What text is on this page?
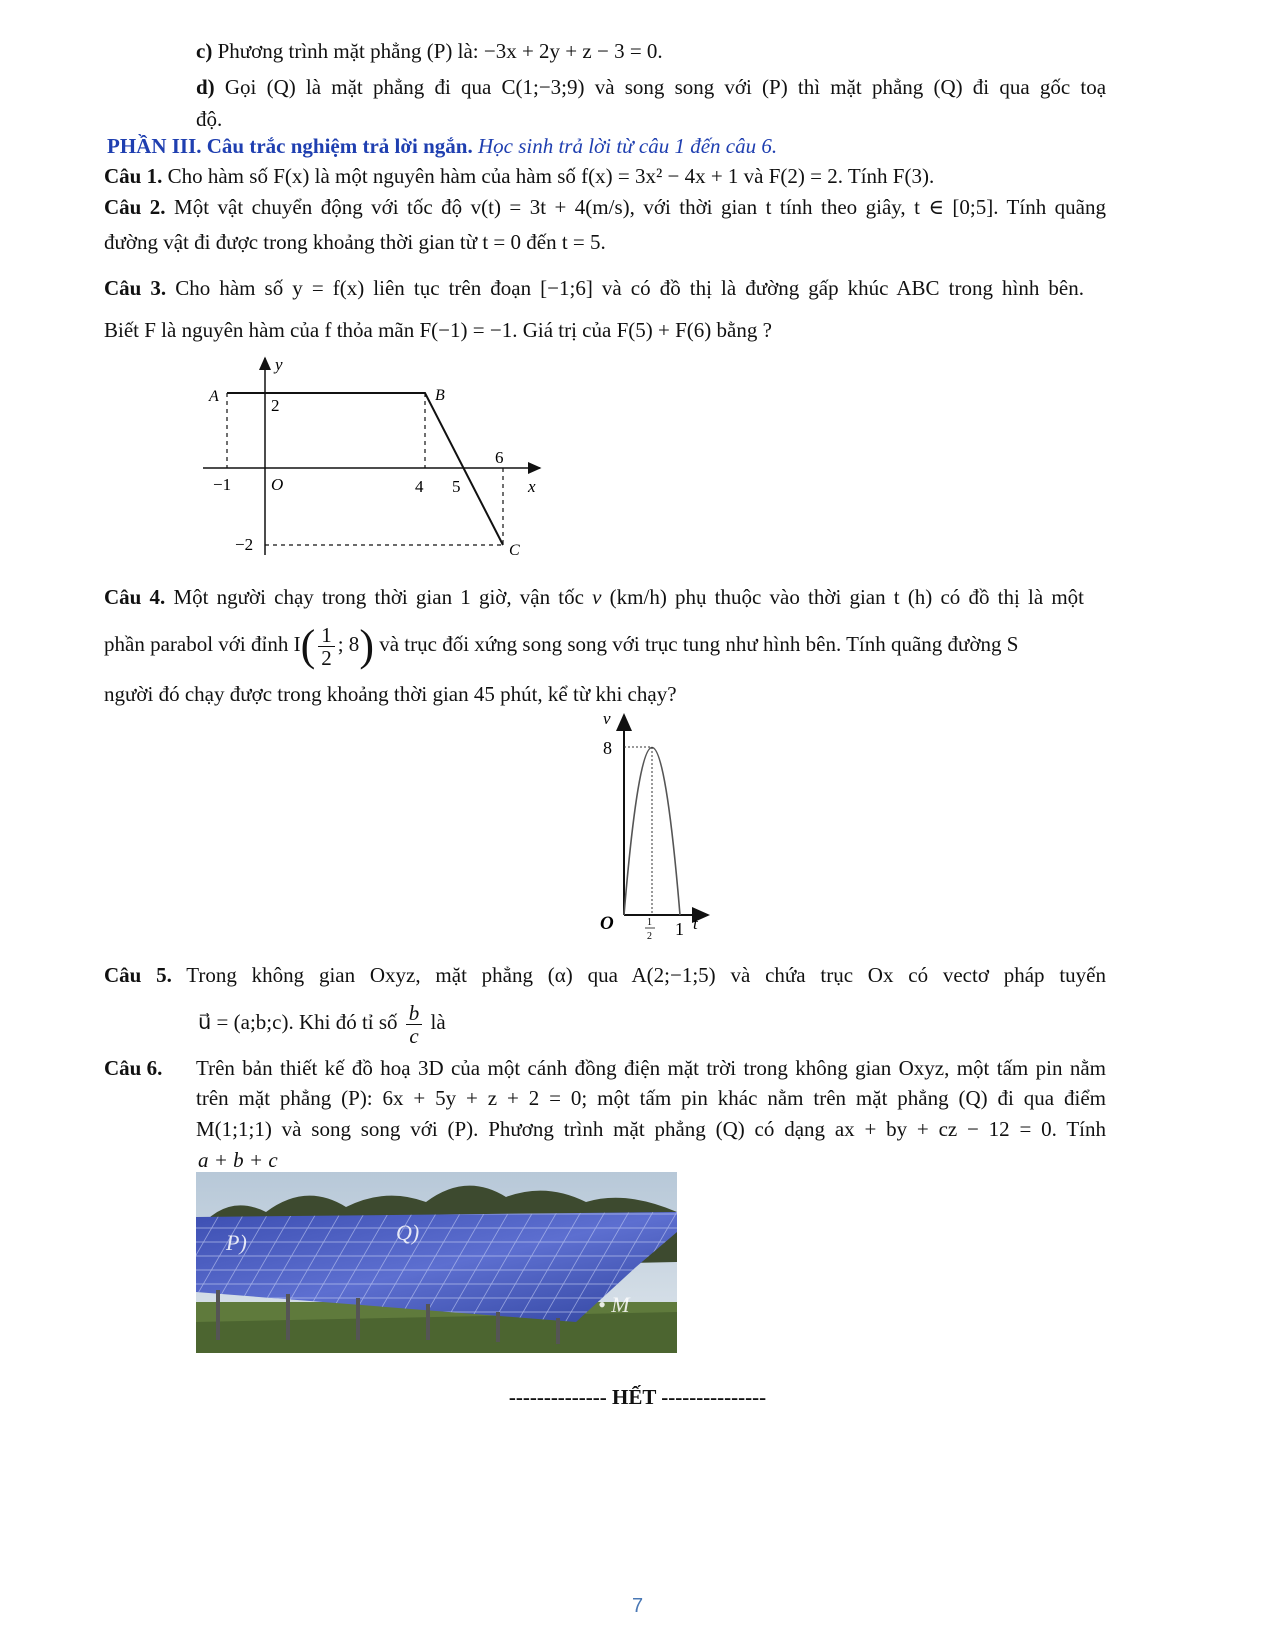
c) Phương trình mặt phẳng (P) là: −3x + 2y + z − 3 = 0.
d) Gọi (Q) là mặt phẳng đi qua C(1;−3;9) và song song với (P) thì mặt phẳng (Q) đi qua gốc toạ
độ.
PHẦN III. Câu trắc nghiệm trả lời ngắn. Học sinh trả lời từ câu 1 đến câu 6.
Câu 1. Cho hàm số F(x) là một nguyên hàm của hàm số f(x) = 3x² − 4x + 1 và F(2) = 2. Tính F(3).
Câu 2. Một vật chuyển động với tốc độ v(t) = 3t + 4(m/s), với thời gian t tính theo giây, t ∈ [0;5]. Tính quãng
đường vật đi được trong khoảng thời gian từ t = 0 đến t = 5.
Câu 3. Cho hàm số y = f(x) liên tục trên đoạn [−1;6] và có đồ thị là đường gấp khúc ABC trong hình bên.
Biết F là nguyên hàm của f thỏa mãn F(−1) = −1. Giá trị của F(5) + F(6) bằng ?
y
x
O
A	B
C
2
−2
−1	4 5
6
Câu 4. Một người chạy trong thời gian 1 giờ, vận tốc v (km/h) phụ thuộc vào thời gian t (h) có đồ thị là một
phần parabol với đỉnh $I( \frac{1}{2}$ ; 8) và trục đối xứng song song với trục tung như hình bên. Tính quãng đường S
người đó chạy được trong khoảng thời gian 45 phút, kể từ khi chạy?
v
8
O	1
2 1 t
Câu 5. Trong không gian Oxyz, mặt phẳng (α) qua A(2;−1;5) và chứa trục Ox có vectơ pháp tuyến
u⃗ = (a;b;c). Khi đó tỉ số $\frac{b}{c}$ là
Câu 6. Trên bản thiết kế đồ hoạ 3D của một cánh đồng điện mặt trời trong không gian Oxyz, một tấm pin nằm
trên mặt phẳng (P): 6x + 5y + z + 2 = 0; một tấm pin khác nằm trên mặt phẳng (Q) đi qua điểm
M(1;1;1) và song song với (P). Phương trình mặt phẳng (Q) có dạng ax + by + cz − 12 = 0. Tính
a + b + c
P)	Q)
• M
-------------- HẾT ---------------
7
